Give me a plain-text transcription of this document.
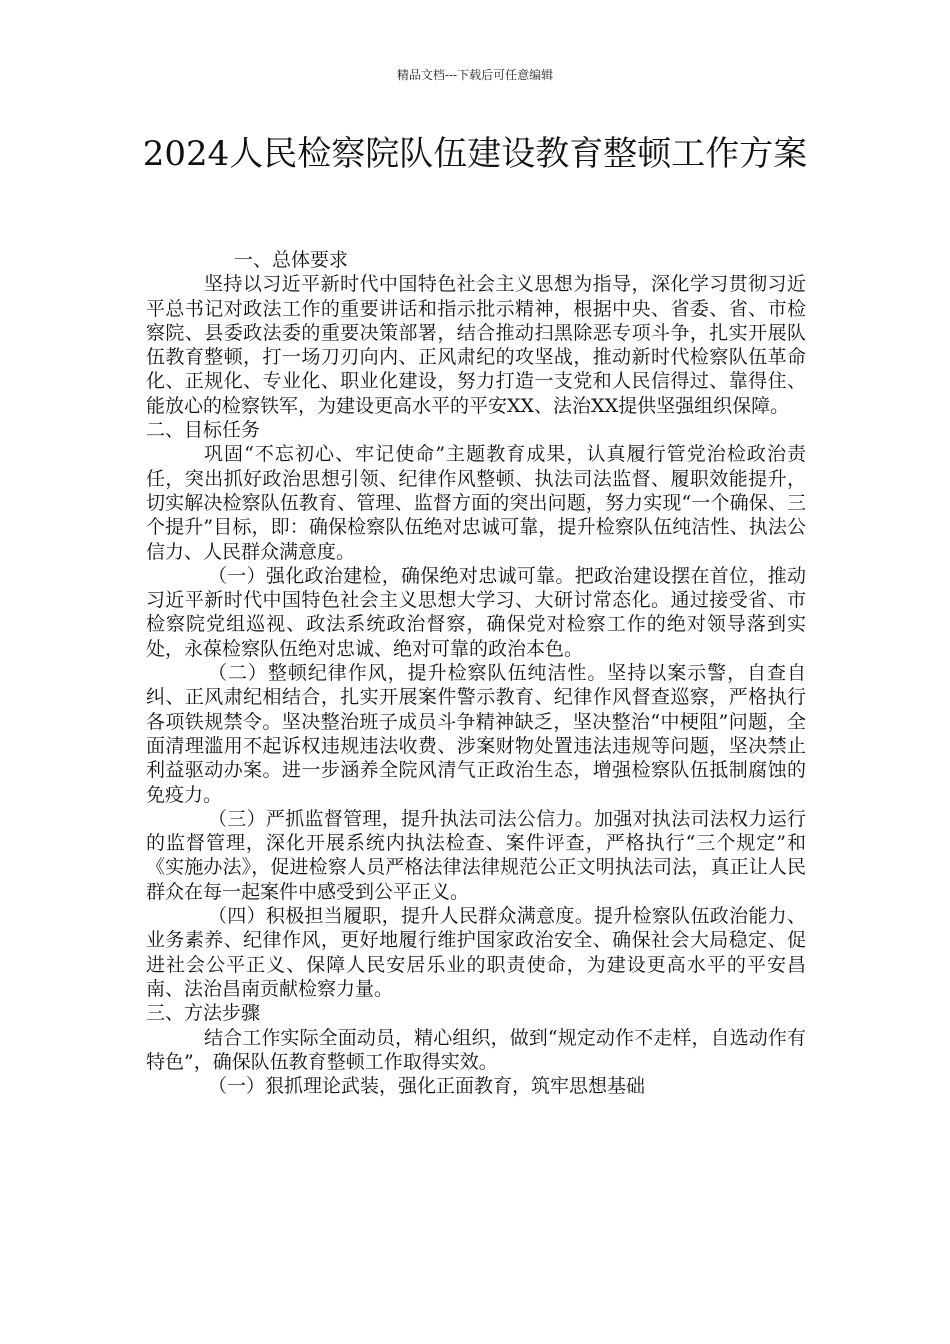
精品文档---下载后可任意编辑
2024人民检察院队伍建设教育整顿工作方案

一、总体要求

坚持以习近平新时代中国特色社会主义思想为指导，深化学习贯彻习近平总书记对政法工作的重要讲话和指示批示精神，根据中央、省委、省、市检察院、县委政法委的重要决策部署，结合推动扫黑除恶专项斗争，扎实开展队伍教育整顿，打一场刀刃向内、正风肃纪的攻坚战，推动新时代检察队伍革命化、正规化、专业化、职业化建设，努力打造一支党和人民信得过、靠得住、能放心的检察铁军，为建设更高水平的平安XX、法治XX提供坚强组织保障。

二、目标任务

巩固“不忘初心、牢记使命”主题教育成果，认真履行管党治检政治责任，突出抓好政治思想引领、纪律作风整顿、执法司法监督、履职效能提升，切实解决检察队伍教育、管理、监督方面的突出问题，努力实现“一个确保、三个提升”目标，即：确保检察队伍绝对忠诚可靠，提升检察队伍纯洁性、执法公信力、人民群众满意度。

（一）强化政治建检，确保绝对忠诚可靠。把政治建设摆在首位，推动习近平新时代中国特色社会主义思想大学习、大研讨常态化。通过接受省、市检察院党组巡视、政法系统政治督察，确保党对检察工作的绝对领导落到实处，永葆检察队伍绝对忠诚、绝对可靠的政治本色。

（二）整顿纪律作风，提升检察队伍纯洁性。坚持以案示警，自查自纠、正风肃纪相结合，扎实开展案件警示教育、纪律作风督查巡察，严格执行各项铁规禁令。坚决整治班子成员斗争精神缺乏，坚决整治“中梗阻”问题，全面清理滥用不起诉权违规违法收费、涉案财物处置违法违规等问题，坚决禁止利益驱动办案。进一步涵养全院风清气正政治生态，增强检察队伍抵制腐蚀的免疫力。

（三）严抓监督管理，提升执法司法公信力。加强对执法司法权力运行的监督管理，深化开展系统内执法检查、案件评查，严格执行“三个规定”和《实施办法》，促进检察人员严格法律法律规范公正文明执法司法，真正让人民群众在每一起案件中感受到公平正义。

（四）积极担当履职，提升人民群众满意度。提升检察队伍政治能力、业务素养、纪律作风，更好地履行维护国家政治安全、确保社会大局稳定、促进社会公平正义、保障人民安居乐业的职责使命，为建设更高水平的平安昌南、法治昌南贡献检察力量。

三、方法步骤

结合工作实际全面动员，精心组织，做到“规定动作不走样，自选动作有特色”，确保队伍教育整顿工作取得实效。

（一）狠抓理论武装，强化正面教育，筑牢思想基础
